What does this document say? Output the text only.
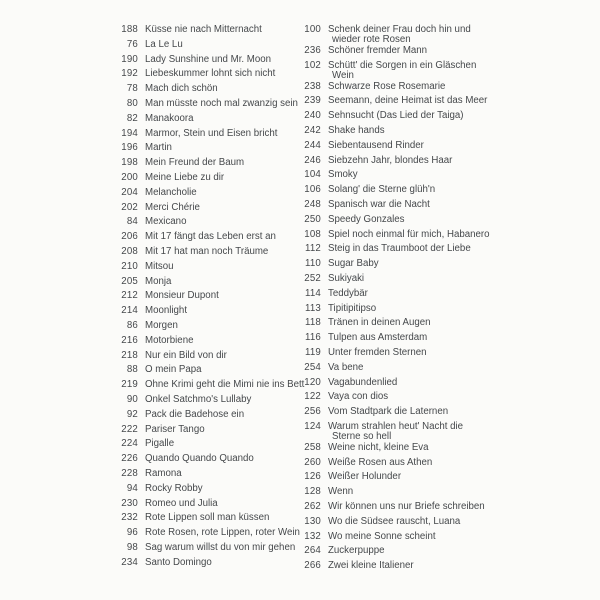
188 Küsse nie nach Mitternacht
76 La Le Lu
190 Lady Sunshine und Mr. Moon
192 Liebeskummer lohnt sich nicht
78 Mach dich schön
80 Man müsste noch mal zwanzig sein
82 Manakoora
194 Marmor, Stein und Eisen bricht
196 Martin
198 Mein Freund der Baum
200 Meine Liebe zu dir
204 Melancholie
202 Merci Chérie
84 Mexicano
206 Mit 17 fängt das Leben erst an
208 Mit 17 hat man noch Träume
210 Mitsou
205 Monja
212 Monsieur Dupont
214 Moonlight
86 Morgen
216 Motorbiene
218 Nur ein Bild von dir
88 O mein Papa
219 Ohne Krimi geht die Mimi nie ins Bett
90 Onkel Satchmo's Lullaby
92 Pack die Badehose ein
222 Pariser Tango
224 Pigalle
226 Quando Quando Quando
228 Ramona
94 Rocky Robby
230 Romeo und Julia
232 Rote Lippen soll man küssen
96 Rote Rosen, rote Lippen, roter Wein
98 Sag warum willst du von mir gehen
234 Santo Domingo
100 Schenk deiner Frau doch hin und
wieder rote Rosen
236 Schöner fremder Mann
102 Schütt' die Sorgen in ein Gläschen
Wein
238 Schwarze Rose Rosemarie
239 Seemann, deine Heimat ist das Meer
240 Sehnsucht (Das Lied der Taiga)
242 Shake hands
244 Siebentausend Rinder
246 Siebzehn Jahr, blondes Haar
104 Smoky
106 Solang' die Sterne glüh'n
248 Spanisch war die Nacht
250 Speedy Gonzales
108 Spiel noch einmal für mich, Habanero
112 Steig in das Traumboot der Liebe
110 Sugar Baby
252 Sukiyaki
114 Teddybär
113 Tipitipitipso
118 Tränen in deinen Augen
116 Tulpen aus Amsterdam
119 Unter fremden Sternen
254 Va bene
120 Vagabundenlied
122 Vaya con dios
256 Vom Stadtpark die Laternen
124 Warum strahlen heut' Nacht die
Sterne so hell
258 Weine nicht, kleine Eva
260 Weiße Rosen aus Athen
126 Weißer Holunder
128 Wenn
262 Wir können uns nur Briefe schreiben
130 Wo die Südsee rauscht, Luana
132 Wo meine Sonne scheint
264 Zuckerpuppe
266 Zwei kleine Italiener
